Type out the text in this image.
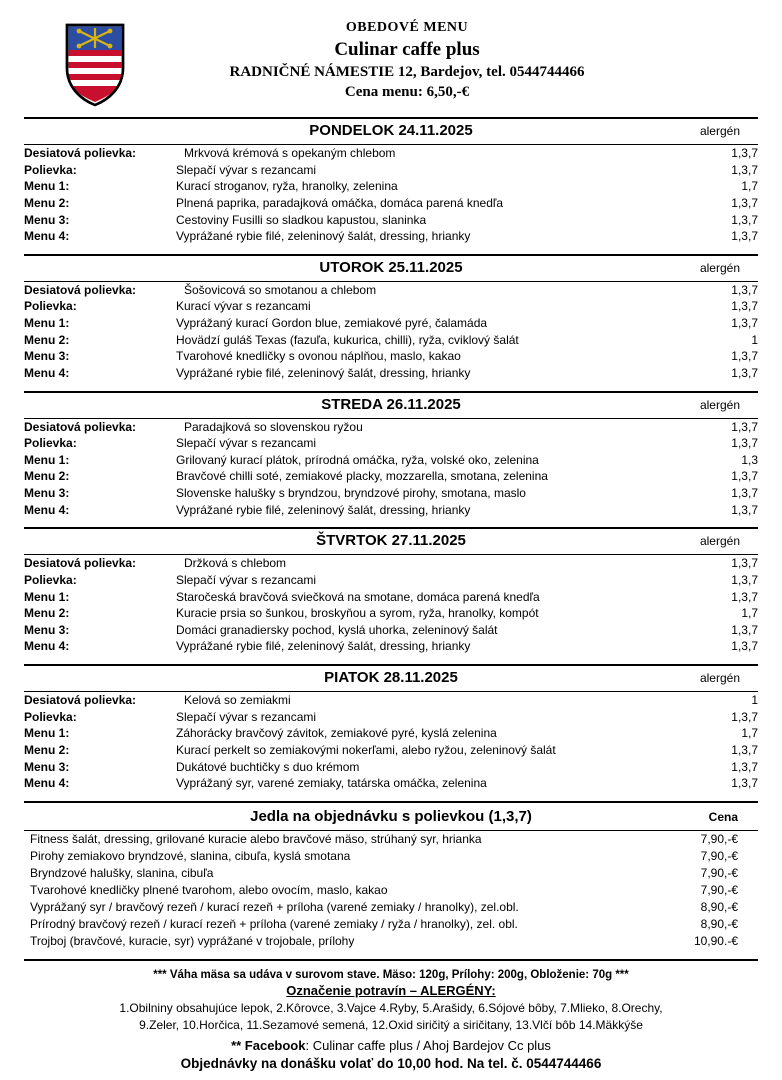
OBEDOVÉ MENU
Culinar caffe plus
RADNIČNÉ NÁMESTIE 12, Bardejov, tel. 0544744466
Cena menu: 6,50,-€
PONDELOK 24.11.2025	alergén
Desiatová polievka:	Mrkvová krémová s opekaným chlebom	1,3,7
Polievka:	Slepačí vývar s rezancami	1,3,7
Menu 1:	Kurací stroganov, ryža, hranolky, zelenina	1,7
Menu 2:	Plnená paprika, paradajková omáčka, domáca parená knedľa	1,3,7
Menu 3:	Cestoviny Fusilli so sladkou kapustou, slaninka	1,3,7
Menu 4:	Vyprážané rybie filé, zeleninový šalát, dressing, hrianky	1,3,7
UTOROK 25.11.2025	alergén
Desiatová polievka:	Šošovicová so smotanou a chlebom	1,3,7
Polievka:	Kurací vývar s rezancami	1,3,7
Menu 1:	Vyprážaný kurací Gordon blue, zemiakové pyré, čalamáda	1,3,7
Menu 2:	Hovädzí guláš Texas (fazuľa, kukurica, chilli), ryža, cviklový šalát	1
Menu 3:	Tvarohové knedličky s ovonou náplňou, maslo, kakao	1,3,7
Menu 4:	Vyprážané rybie filé, zeleninový šalát, dressing, hrianky	1,3,7
STREDA 26.11.2025	alergén
Desiatová polievka:	Paradajková so slovenskou ryžou	1,3,7
Polievka:	Slepačí vývar s rezancami	1,3,7
Menu 1:	Grilovaný kurací plátok, prírodná omáčka, ryža, volské oko, zelenina	1,3
Menu 2:	Bravčové chilli soté, zemiakové placky, mozzarella, smotana, zelenina	1,3,7
Menu 3:	Slovenske halušky s bryndzou, bryndzové pirohy, smotana, maslo	1,3,7
Menu 4:	Vyprážané rybie filé, zeleninový šalát, dressing, hrianky	1,3,7
ŠTVRTOK 27.11.2025	alergén
Desiatová polievka:	Držková s chlebom	1,3,7
Polievka:	Slepačí vývar s rezancami	1,3,7
Menu 1:	Staročeská bravčová sviečková na smotane, domáca parená knedľa	1,3,7
Menu 2:	Kuracie prsia so šunkou, broskyňou a syrom, ryža, hranolky, kompót	1,7
Menu 3:	Domáci granadiersky pochod, kyslá uhorka, zeleninový šalát	1,3,7
Menu 4:	Vyprážané rybie filé, zeleninový šalát, dressing, hrianky	1,3,7
PIATOK 28.11.2025	alergén
Desiatová polievka:	Kelová so zemiakmi	1
Polievka:	Slepačí vývar s rezancami	1,3,7
Menu 1:	Záhorácky bravčový závitok, zemiakové pyré, kyslá zelenina	1,7
Menu 2:	Kurací perkelt so zemiakovými nokerľami, alebo ryžou, zeleninový šalát	1,3,7
Menu 3:	Dukátové buchtičky s duo krémom	1,3,7
Menu 4:	Vyprážaný syr, varené zemiaky, tatárska omáčka, zelenina	1,3,7
Jedla na objednávku s polievkou (1,3,7)	Cena
Fitness šalát, dressing, grilované kuracie alebo bravčové mäso, strúhaný syr, hrianka	7,90,-€
Pirohy zemiakovo bryndzové, slanina, cibuľa, kyslá smotana	7,90,-€
Bryndzové halušky, slanina, cibuľa	7,90,-€
Tvarohové knedličky plnené tvarohom, alebo ovocím, maslo, kakao	7,90,-€
Vyprážaný syr / bravčový rezeň / kurací rezeň + príloha (varené zemiaky / hranolky), zel.obl.	8,90,-€
Prírodný bravčový rezeň / kurací rezeň + príloha (varené zemiaky / ryža / hranolky), zel. obl.	8,90,-€
Trojboj (bravčové, kuracie, syr) vyprážané v trojobale, prílohy	10,90.-€
*** Váha mäsa sa udáva v surovom stave. Mäso: 120g, Prílohy: 200g, Obloženie: 70g ***
Označenie potravín – ALERGÉNY:
1.Obilniny obsahujúce lepok, 2.Kôrovce, 3.Vajce 4.Ryby, 5.Arašidy, 6.Sójové bôby, 7.Mlieko, 8.Orechy,
9.Zeler, 10.Horčica, 11.Sezamové semená, 12.Oxid siričitý a siričitany, 13.Vlčí bôb 14.Mäkkýše
** Facebook: Culinar caffe plus / Ahoj Bardejov Cc plus
Objednávky na donášku volať do 10,00 hod. Na tel. č. 0544744466
